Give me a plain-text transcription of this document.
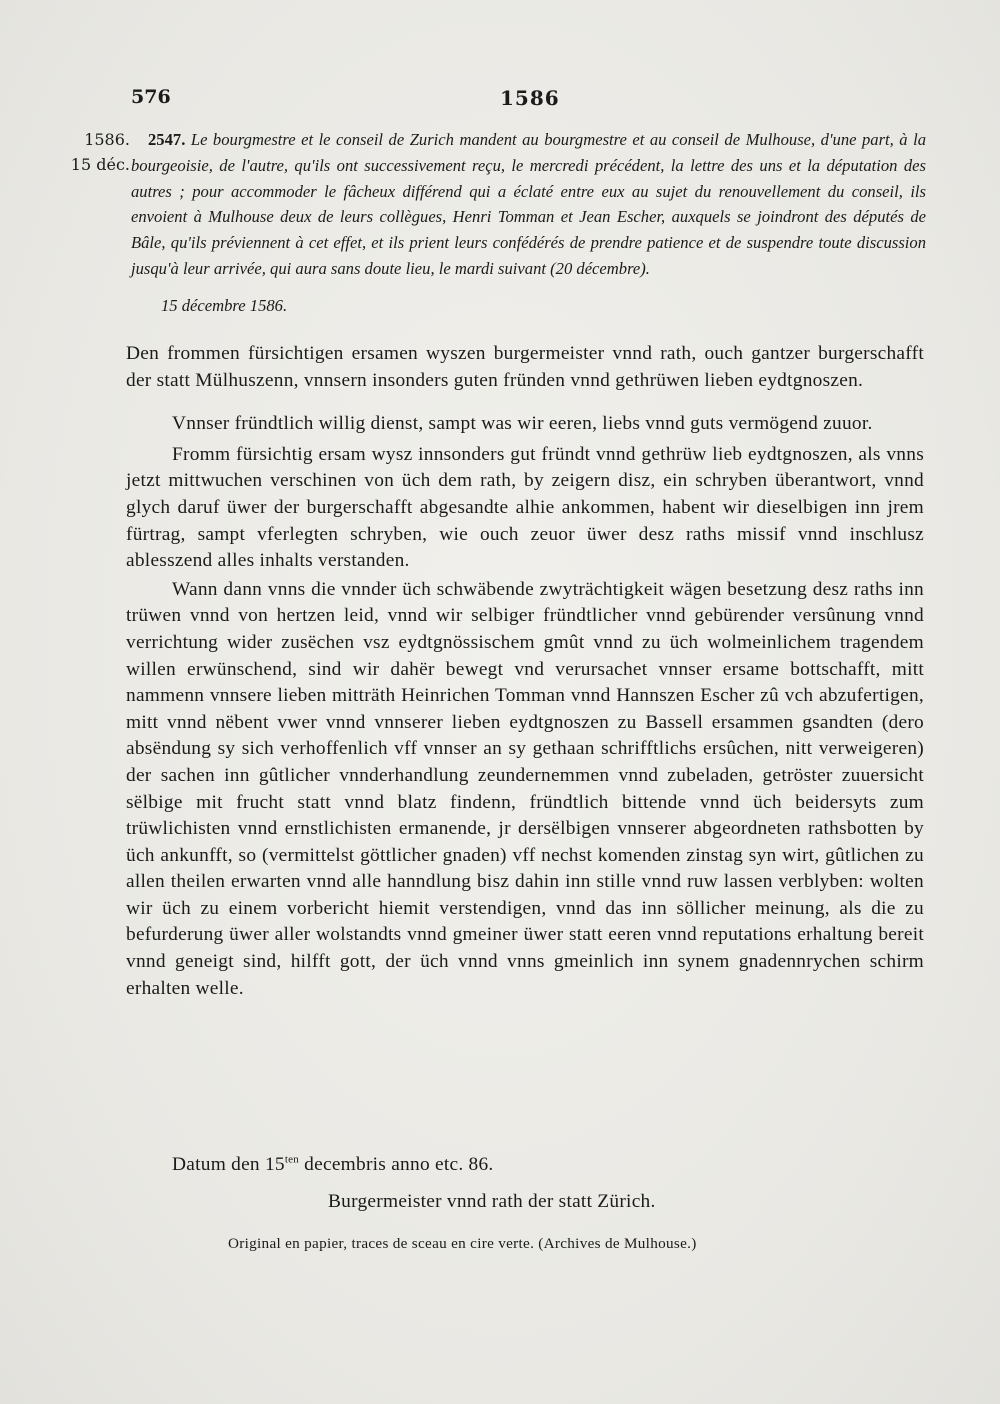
576	1586
1586.
15 déc.

2547. Le bourgmestre et le conseil de Zurich mandent au bourgmestre et au conseil de Mulhouse, d'une part, à la bourgeoisie, de l'autre, qu'ils ont successivement reçu, le mercredi précédent, la lettre des uns et la députation des autres ; pour accommoder le fâcheux différend qui a éclaté entre eux au sujet du renouvellement du conseil, ils envoient à Mulhouse deux de leurs collègues, Henri Tomman et Jean Escher, auxquels se joindront des députés de Bâle, qu'ils préviennent à cet effet, et ils prient leurs confédérés de prendre patience et de suspendre toute discussion jusqu'à leur arrivée, qui aura sans doute lieu, le mardi suivant (20 décembre).

15 décembre 1586.

Den frommen fürsichtigen ersamen wyszen burgermeister vnnd rath, ouch gantzer burgerschafft der statt Mülhuszenn, vnnsern insonders guten fründen vnnd gethrüwen lieben eydtgnoszen.

Vnnser fründtlich willig dienst, sampt was wir eeren, liebs vnnd guts vermögend zuuor.

Fromm fürsichtig ersam wysz innsonders gut fründt vnnd gethrüw lieb eydtgnoszen, als vnns jetzt mittwuchen verschinen von üch dem rath, by zeigern disz, ein schryben überantwort, vnnd glych daruf üwer der burgerschafft abgesandte alhie ankommen, habent wir dieselbigen inn jrem fürtrag, sampt vferlegten schryben, wie ouch zeuor üwer desz raths missif vnnd inschlusz ablesszend alles inhalts verstanden.

Wann dann vnns die vnnder üch schwäbende zwyträchtigkeit wägen besetzung desz raths inn trüwen vnnd von hertzen leid, vnnd wir selbiger fründtlicher vnnd gebürender versûnung vnnd verrichtung wider zusëchen vsz eydtgnössischem gmût vnnd zu üch wolmeinlichem tragendem willen erwünschend, sind wir dahër bewegt vnd verursachet vnnser ersame bottschafft, mitt nammenn vnnsere lieben mitträth Heinrichen Tomman vnnd Hannszen Escher zû vch abzufertigen, mitt vnnd nëbent vwer vnnd vnnserer lieben eydtgnoszen zu Bassell ersammen gsandten (dero absëndung sy sich verhoffenlich vff vnnser an sy gethaan schrifftlichs ersûchen, nitt verweigeren) der sachen inn gûtlicher vnnderhandlung zeundernemmen vnnd zubeladen, getröster zuuersicht sëlbige mit frucht statt vnnd blatz findenn, fründtlich bittende vnnd üch beidersyts zum trüwlichisten vnnd ernstlichisten ermanende, jr dersëlbigen vnnserer abgeordneten rathsbotten by üch ankunfft, so (vermittelst göttlicher gnaden) vff nechst komenden zinstag syn wirt, gûtlichen zu allen theilen erwarten vnnd alle hanndlung bisz dahin inn stille vnnd ruw lassen verblyben: wolten wir üch zu einem vorbericht hiemit verstendigen, vnnd das inn söllicher meinung, als die zu befurderung üwer aller wolstandts vnnd gmeiner üwer statt eeren vnnd reputations erhaltung bereit vnnd geneigt sind, hilfft gott, der üch vnnd vnns gmeinlich inn synem gnadennrychen schirm erhalten welle.

Datum den $15^{ten}$ decembris anno etc. 86.

Burgermeister vnnd rath der statt Zürich.

Original en papier, traces de sceau en cire verte. (Archives de Mulhouse.)
